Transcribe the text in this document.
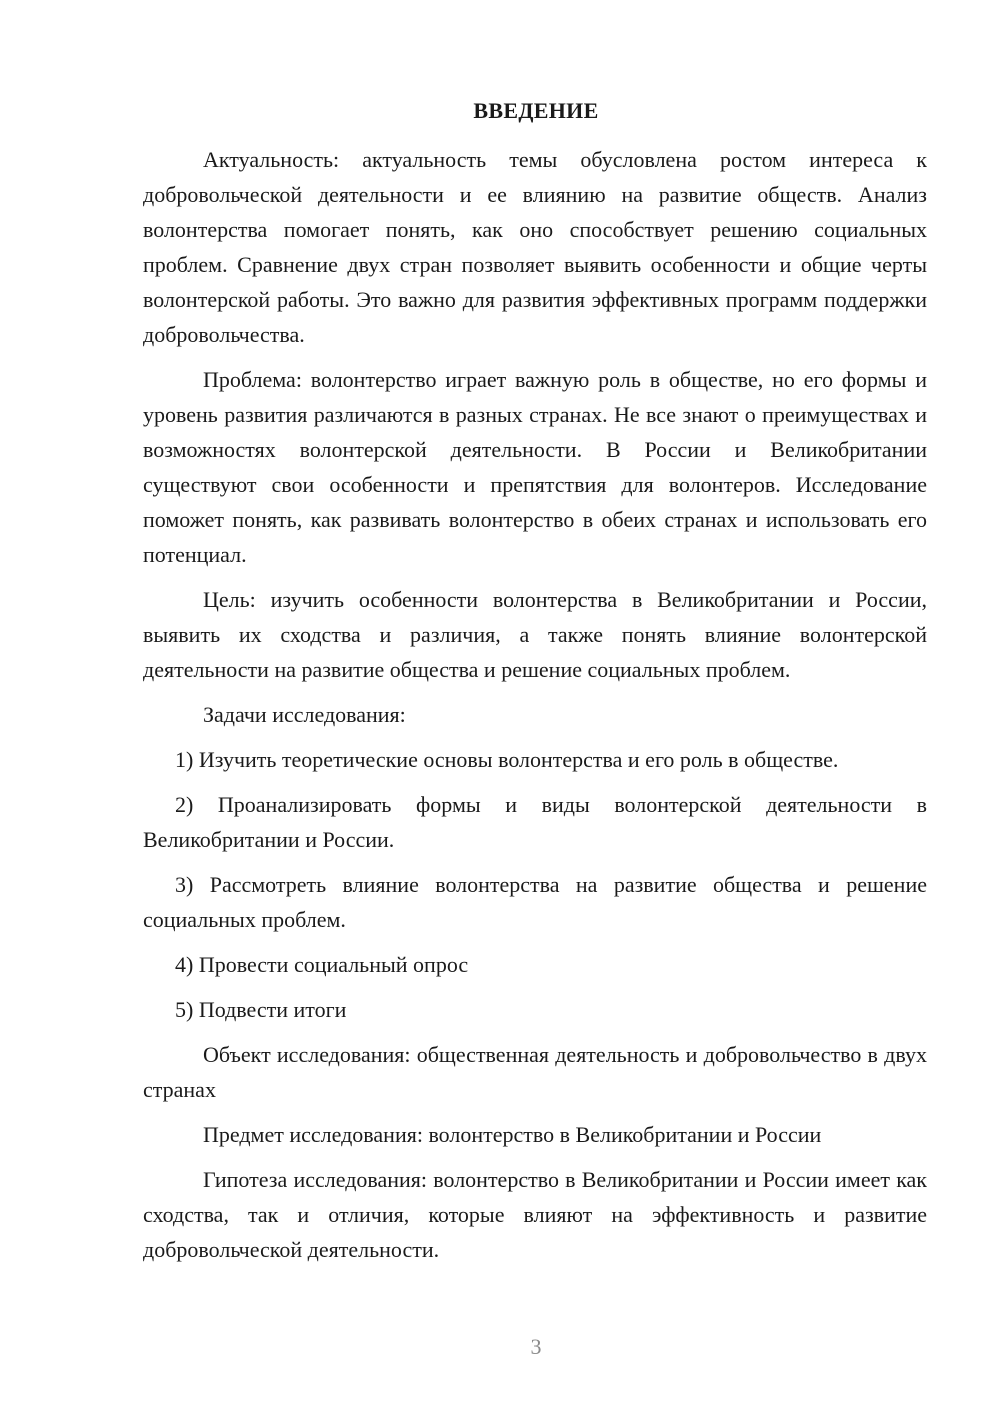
ВВЕДЕНИЕ

Актуальность: актуальность темы обусловлена ростом интереса к добровольческой деятельности и ее влиянию на развитие обществ. Анализ волонтерства помогает понять, как оно способствует решению социальных проблем. Сравнение двух стран позволяет выявить особенности и общие черты волонтерской работы. Это важно для развития эффективных программ поддержки добровольчества.

Проблема: волонтерство играет важную роль в обществе, но его формы и уровень развития различаются в разных странах. Не все знают о преимуществах и возможностях волонтерской деятельности. В России и Великобритании существуют свои особенности и препятствия для волонтеров. Исследование поможет понять, как развивать волонтерство в обеих странах и использовать его потенциал.

Цель: изучить особенности волонтерства в Великобритании и России, выявить их сходства и различия, а также понять влияние волонтерской деятельности на развитие общества и решение социальных проблем.

Задачи исследования:

1) Изучить теоретические основы волонтерства и его роль в обществе.

2) Проанализировать формы и виды волонтерской деятельности в Великобритании и России.

3) Рассмотреть влияние волонтерства на развитие общества и решение социальных проблем.

4) Провести социальный опрос

5) Подвести итоги

Объект исследования: общественная деятельность и добровольчество в двух странах

Предмет исследования: волонтерство в Великобритании и России

Гипотеза исследования: волонтерство в Великобритании и России имеет как сходства, так и отличия, которые влияют на эффективность и развитие добровольческой деятельности.

3
